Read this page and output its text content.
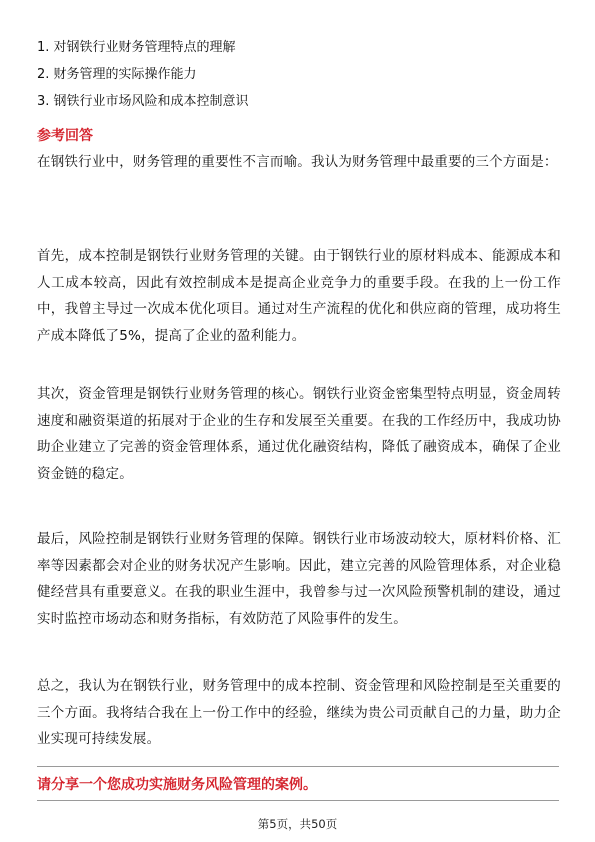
1. 对钢铁行业财务管理特点的理解
2. 财务管理的实际操作能力
3. 钢铁行业市场风险和成本控制意识
参考回答

在钢铁行业中，财务管理的重要性不言而喻。我认为财务管理中最重要的三个方面是：

首先，成本控制是钢铁行业财务管理的关键。由于钢铁行业的原材料成本、能源成本和人工成本较高，因此有效控制成本是提高企业竞争力的重要手段。在我的上一份工作中，我曾主导过一次成本优化项目。通过对生产流程的优化和供应商的管理，成功将生产成本降低了5%，提高了企业的盈利能力。

其次，资金管理是钢铁行业财务管理的核心。钢铁行业资金密集型特点明显，资金周转速度和融资渠道的拓展对于企业的生存和发展至关重要。在我的工作经历中，我成功协助企业建立了完善的资金管理体系，通过优化融资结构，降低了融资成本，确保了企业资金链的稳定。

最后，风险控制是钢铁行业财务管理的保障。钢铁行业市场波动较大，原材料价格、汇率等因素都会对企业的财务状况产生影响。因此，建立完善的风险管理体系，对企业稳健经营具有重要意义。在我的职业生涯中，我曾参与过一次风险预警机制的建设，通过实时监控市场动态和财务指标，有效防范了风险事件的发生。

总之，我认为在钢铁行业，财务管理中的成本控制、资金管理和风险控制是至关重要的三个方面。我将结合我在上一份工作中的经验，继续为贵公司贡献自己的力量，助力企业实现可持续发展。

请分享一个您成功实施财务风险管理的案例。
第5页，共50页
